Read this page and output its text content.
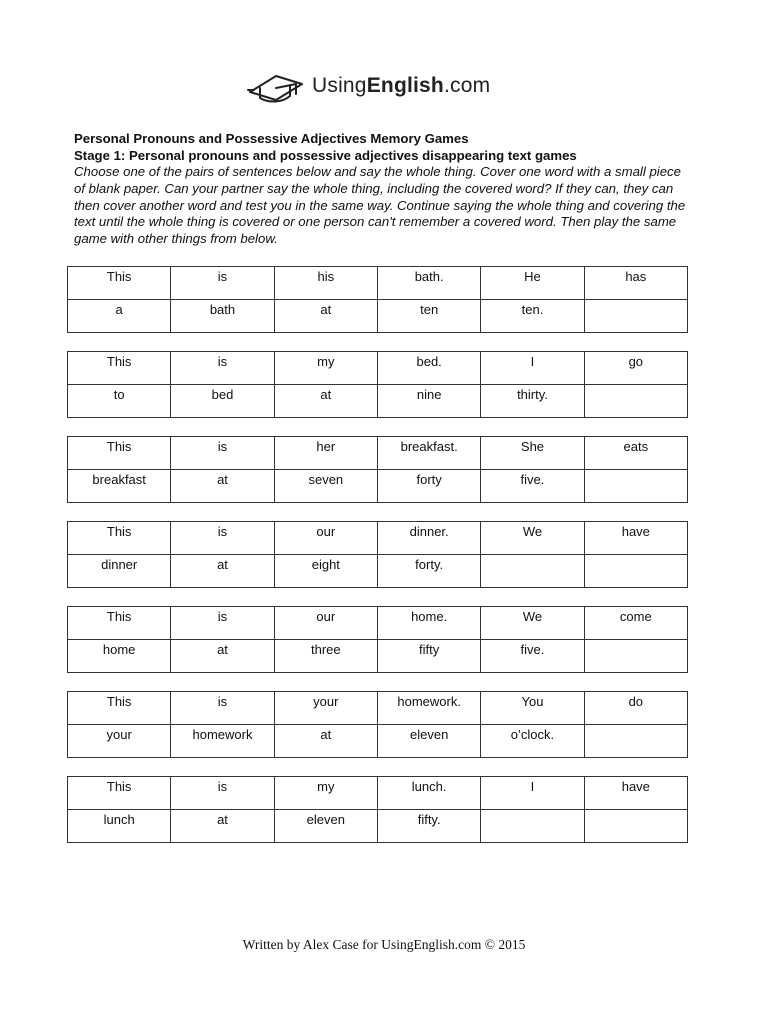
UsingEnglish.com

Personal Pronouns and Possessive Adjectives Memory Games

Stage 1: Personal pronouns and possessive adjectives disappearing text games

Choose one of the pairs of sentences below and say the whole thing. Cover one word with a small piece of blank paper. Can your partner say the whole thing, including the covered word? If they can, they can then cover another word and test you in the same way. Continue saying the whole thing and covering the text until the whole thing is covered or one person can't remember a covered word. Then play the same game with other things from below.

This	is	his	bath.	He	has
a	bath	at	ten	ten.	
This	is	my	bed.	I	go
to	bed	at	nine	thirty.	
This	is	her	breakfast.	She	eats
breakfast	at	seven	forty	five.	
This	is	our	dinner.	We	have
dinner	at	eight	forty.		
This	is	our	home.	We	come
home	at	three	fifty	five.	
This	is	your	homework.	You	do
your	homework	at	eleven	o’clock.	
This	is	my	lunch.	I	have
lunch	at	eleven	fifty.		
Written by Alex Case for UsingEnglish.com © 2015
